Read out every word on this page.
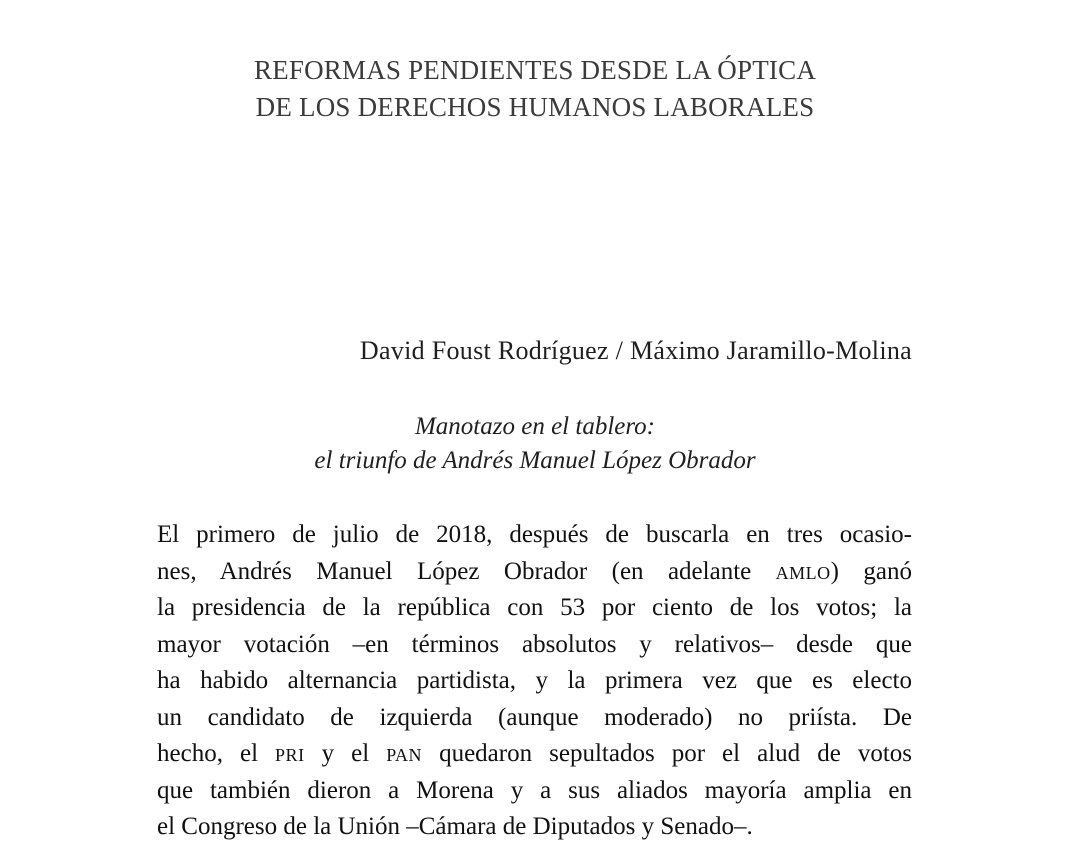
REFORMAS PENDIENTES DESDE LA ÓPTICA
DE LOS DERECHOS HUMANOS LABORALES
David Foust Rodríguez / Máximo Jaramillo-Molina
Manotazo en el tablero:
el triunfo de Andrés Manuel López Obrador
El primero de julio de 2018, después de buscarla en tres ocasio-
nes, Andrés Manuel López Obrador (en adelante amlo) ganó
la presidencia de la república con 53 por ciento de los votos; la
mayor votación –en términos absolutos y relativos– desde que
ha habido alternancia partidista, y la primera vez que es electo
un candidato de izquierda (aunque moderado) no priísta. De
hecho, el pri y el pan quedaron sepultados por el alud de votos
que también dieron a Morena y a sus aliados mayoría amplia en
el Congreso de la Unión –Cámara de Diputados y Senado–.
